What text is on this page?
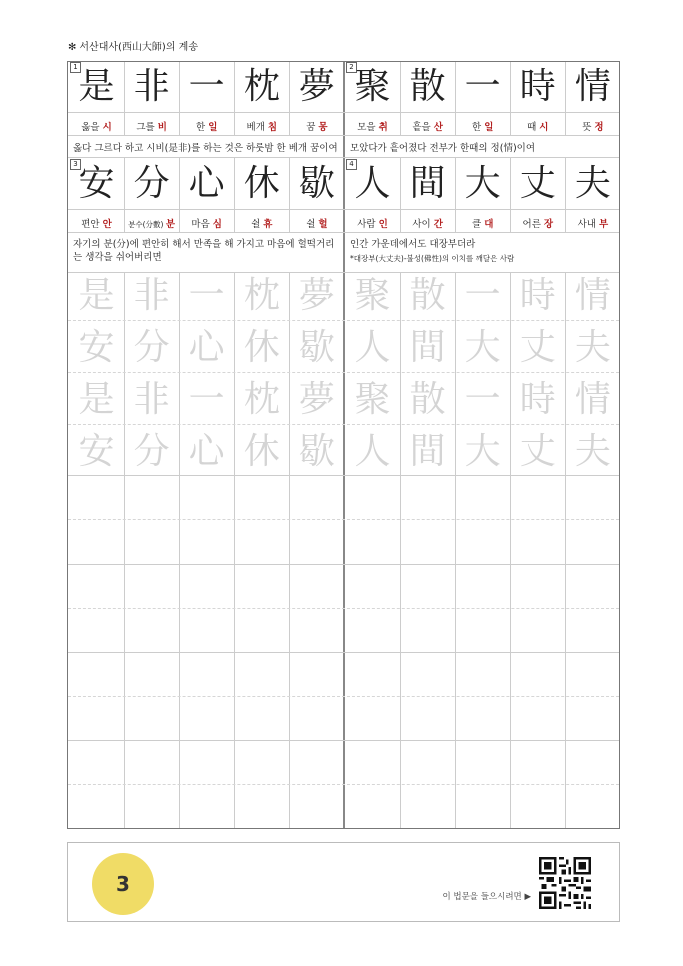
✻ 서산대사(西山大師)의 계송
옳다 그르다 하고 시비(是非)를 하는 것은 하룻밤 한 베개 꿈이여 모았다가 흩어졌다 전부가 한때의 정(情)이여
자기의 분(分)에 편안히 해서 만족을 해 가지고 마음에 헐떡거리
는 생각을 쉬어버리면
인간 가운데에서도 대장부더라
*대장부(大丈夫)-불성(佛性)의 이치를 깨달은 사람
1 是
옳을 시
非
그를 비
一
한 일
枕
베개 침
夢
꿈 몽
2 聚
모을 취
散
흩을 산
一
한 일
時
때 시
情
뜻 정
3 安
편안 안
分
분수(分數) 분
心
마음 심
休
쉴 휴
歇
쉴 헐
4 人
사람 인
間
사이 간
大
클 대
丈
어른 장
夫
사내 부
是 非 一 枕 夢 聚 散 一 時 情
安 分 心 休 歇 人 間 大 丈 夫
是 非 一 枕 夢 聚 散 一 時 情
安 分 心 休 歇 人 間 大 丈 夫
3
이 법문을 들으시려면 ▶
